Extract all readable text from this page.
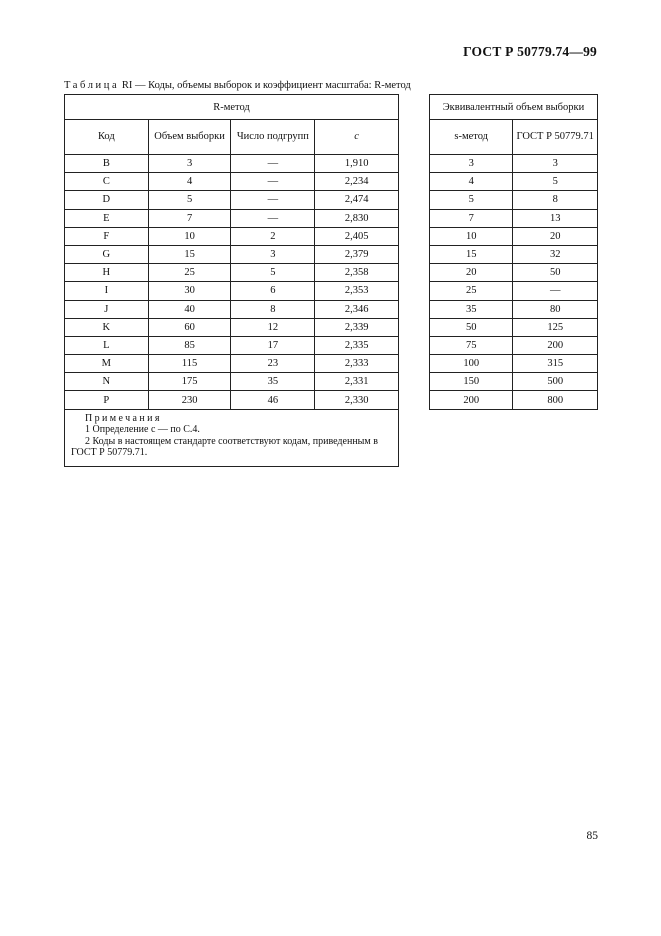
ГОСТ Р 50779.74—99
Таблица RI — Коды, объемы выборок и коэффициент масштаба: R-метод
R-метод			
Код	Объем выборки	Число подгрупп	c
B	3	—	1,910
C	4	—	2,234
D	5	—	2,474
E	7	—	2,830
F	10	2	2,405
G	15	3	2,379
H	25	5	2,358
I	30	6	2,353
J	40	8	2,346
K	60	12	2,339
L	85	17	2,335
M	115	23	2,333
N	175	35	2,331
P	230	46	2,330

Примечания
1 Определение c — по С.4.
2 Коды в настоящем стандарте соответствуют кодам, приведенным в ГОСТ Р 50779.71.			
Эквивалентный объем выборки	
s-метод	ГОСТ Р 50779.71
3	3
4	5
5	8
7	13
10	20
15	32
20	50
25	—
35	80
50	125
75	200
100	315
150	500
200	800
85
